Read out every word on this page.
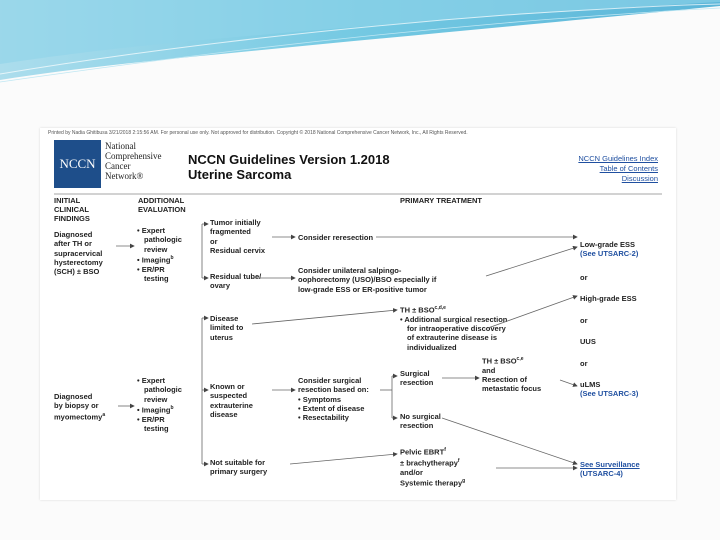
Printed by Nadia Ghitibusa 3/21/2018 2:15:56 AM. For personal use only. Not approved for distribution. Copyright © 2018 National Comprehensive Cancer Network, Inc., All Rights Reserved.
NCCN
National
Comprehensive
Cancer
Network®
NCCN Guidelines Version 1.2018
Uterine Sarcoma
NCCN Guidelines Index
Table of Contents
Discussion
INITIAL
CLINICAL
FINDINGS
ADDITIONAL
EVALUATION
PRIMARY TREATMENT
Diagnosed
after TH or
supracervical
hysterectomy
(SCH) ± BSO
Diagnosed
by biopsy or
myomectomy$^a$
• Expert
pathologic
review
• Imaging$^b$
• ER/PR
testing
• Expert
pathologic
review
• Imaging$^b$
• ER/PR
testing
Tumor initially
fragmented
or
Residual cervix
Residual tube/
ovary
Disease
limited to
uterus
Known or
suspected
extrauterine
disease
Not suitable for
primary surgery
Consider reresection
Consider unilateral salpingo-
oophorectomy (USO)/BSO especially if
low-grade ESS or ER-positive tumor
TH ± BSO$^{c,d,e}$
• Additional surgical resection
for intraoperative discovery
of extrauterine disease is
individualized
Consider surgical
resection based on:
• Symptoms
• Extent of disease
• Resectability
Surgical
resection
No surgical
resection
TH ± BSO$^{c,e}$
and
Resection of
metastatic focus
Pelvic $EBRT^f$
± brachytherapy$^f$
and/or
Systemic therapy$^g$
Low-grade ESS
(See UTSARC-2)
or
High-grade ESS
or
UUS
or
uLMS
(See UTSARC-3)
See Surveillance
(UTSARC-4)
